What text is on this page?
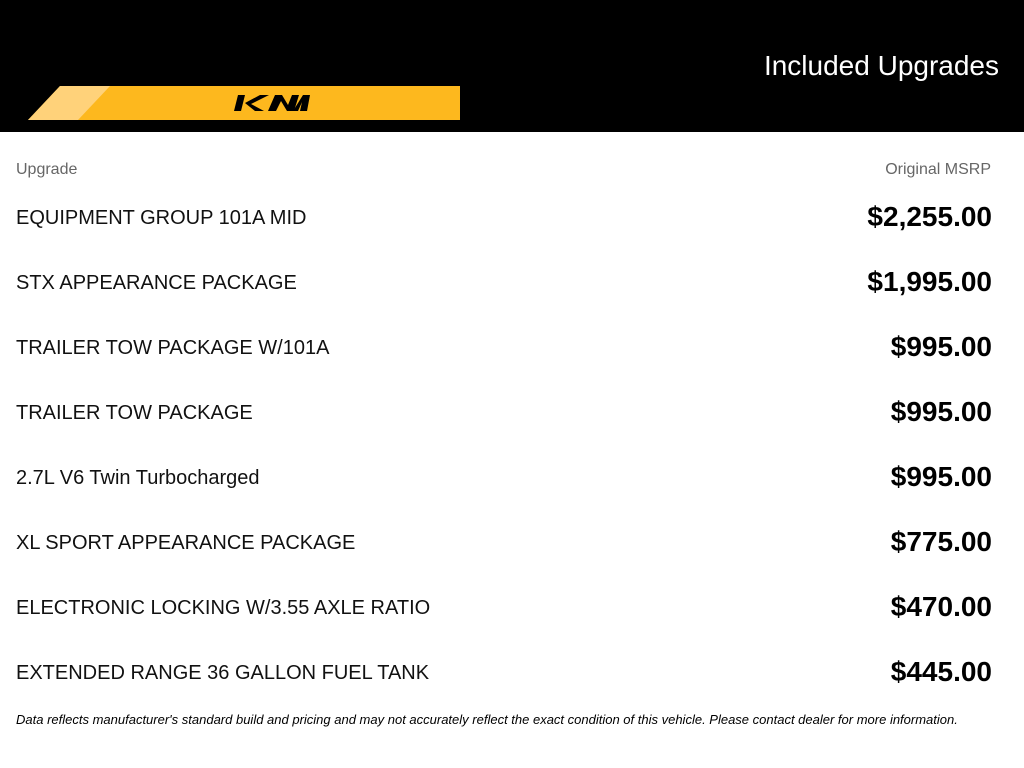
Included Upgrades
Upgrade	Original MSRP
EQUIPMENT GROUP 101A MID	$2,255.00
STX APPEARANCE PACKAGE	$1,995.00
TRAILER TOW PACKAGE W/101A	$995.00
TRAILER TOW PACKAGE	$995.00
2.7L V6 Twin Turbocharged	$995.00
XL SPORT APPEARANCE PACKAGE	$775.00
ELECTRONIC LOCKING W/3.55 AXLE RATIO	$470.00
EXTENDED RANGE 36 GALLON FUEL TANK	$445.00
Data reflects manufacturer's standard build and pricing and may not accurately reflect the exact condition of this vehicle. Please contact dealer for more information.
